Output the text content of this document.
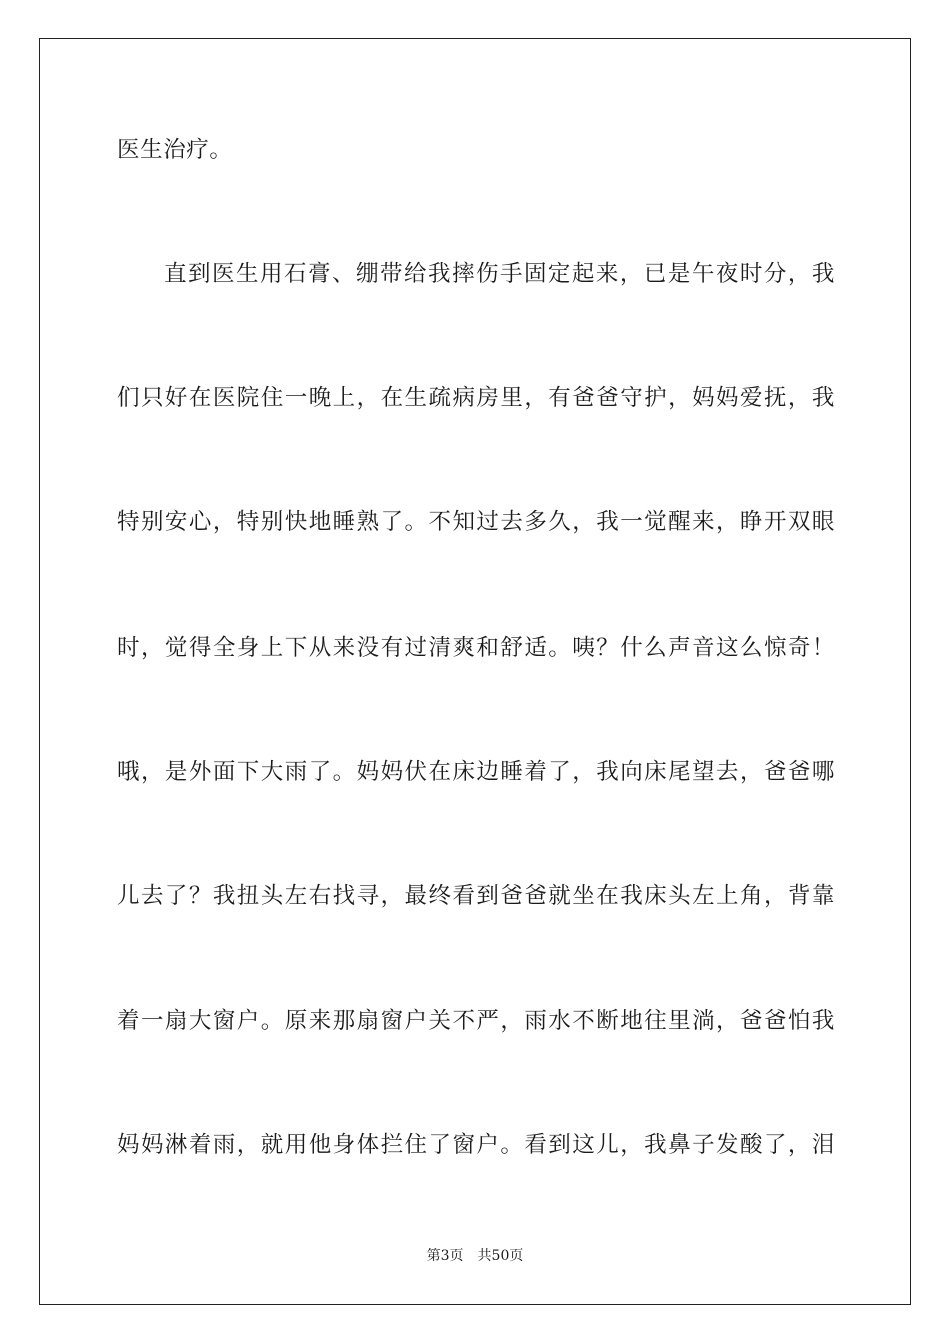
医生治疗。
直到医生用石膏、绷带给我摔伤手固定起来，已是午夜时分，我
们只好在医院住一晚上，在生疏病房里，有爸爸守护，妈妈爱抚，我
特别安心，特别快地睡熟了。不知过去多久，我一觉醒来，睁开双眼
时，觉得全身上下从来没有过清爽和舒适。咦？什么声音这么惊奇！
哦，是外面下大雨了。妈妈伏在床边睡着了，我向床尾望去，爸爸哪
儿去了？我扭头左右找寻，最终看到爸爸就坐在我床头左上角，背靠
着一扇大窗户。原来那扇窗户关不严，雨水不断地往里淌，爸爸怕我
妈妈淋着雨，就用他身体拦住了窗户。看到这儿，我鼻子发酸了，泪
第3页 共50页
